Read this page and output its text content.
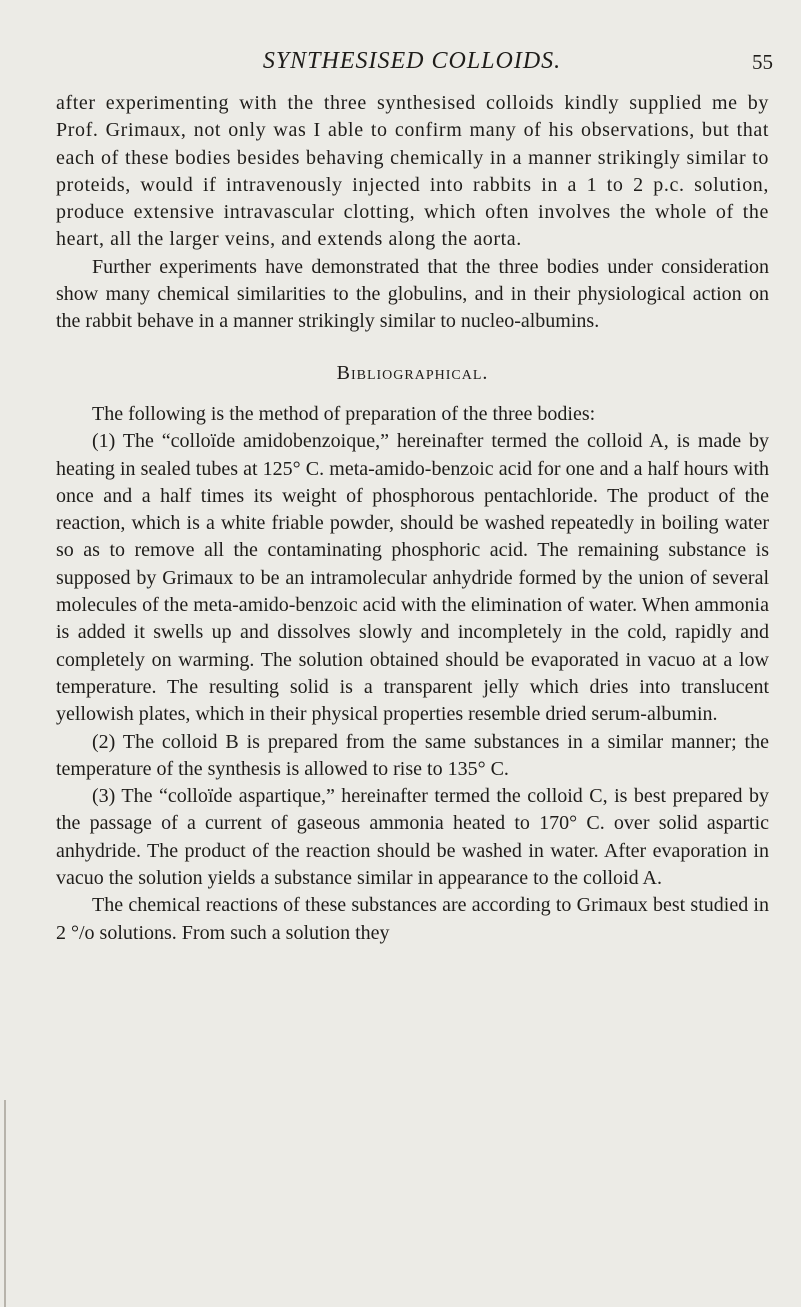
SYNTHESISED COLLOIDS.	55

after experimenting with the three synthesised colloids kindly supplied me by Prof. Grimaux, not only was I able to confirm many of his observations, but that each of these bodies besides behaving chemically in a manner strikingly similar to proteids, would if intravenously injected into rabbits in a 1 to 2 p.c. solution, produce extensive intravascular clotting, which often involves the whole of the heart, all the larger veins, and extends along the aorta.

Further experiments have demonstrated that the three bodies under consideration show many chemical similarities to the globulins, and in their physiological action on the rabbit behave in a manner strikingly similar to nucleo-albumins.

Bibliographical.

The following is the method of preparation of the three bodies:

(1) The “colloïde amidobenzoique,” hereinafter termed the colloid A, is made by heating in sealed tubes at 125° C. meta-amido-benzoic acid for one and a half hours with once and a half times its weight of phosphorous pentachloride. The product of the reaction, which is a white friable powder, should be washed repeatedly in boiling water so as to remove all the contaminating phosphoric acid. The remaining substance is supposed by Grimaux to be an intramolecular anhydride formed by the union of several molecules of the meta-amido-benzoic acid with the elimination of water. When ammonia is added it swells up and dissolves slowly and incompletely in the cold, rapidly and completely on warming. The solution obtained should be evaporated in vacuo at a low temperature. The resulting solid is a transparent jelly which dries into translucent yellowish plates, which in their physical properties resemble dried serum-albumin.

(2) The colloid B is prepared from the same substances in a similar manner; the temperature of the synthesis is allowed to rise to 135° C.

(3) The “colloïde aspartique,” hereinafter termed the colloid C, is best prepared by the passage of a current of gaseous ammonia heated to 170° C. over solid aspartic anhydride. The product of the reaction should be washed in water. After evaporation in vacuo the solution yields a substance similar in appearance to the colloid A.

The chemical reactions of these substances are according to Grimaux best studied in 2 °/o solutions. From such a solution they
